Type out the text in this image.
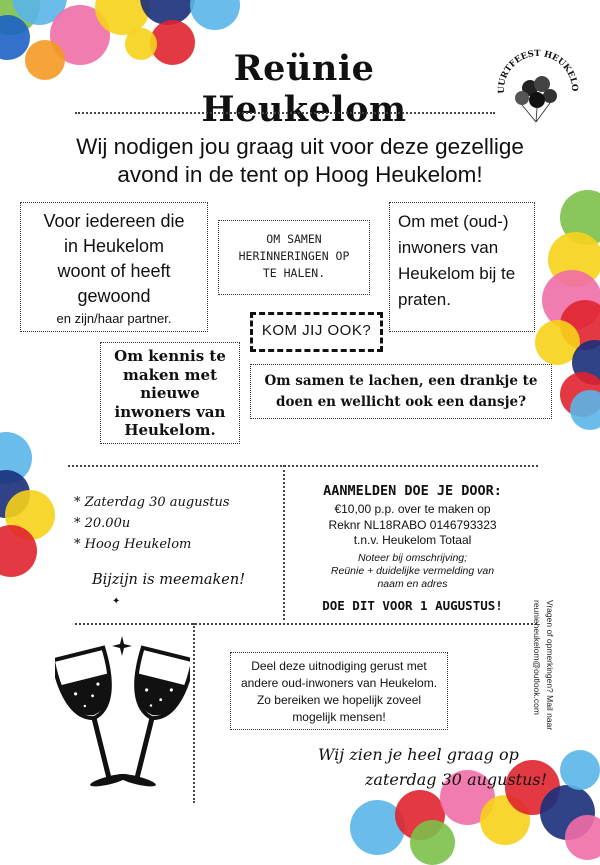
Reünie Heukelom	UURTFEEST HEUKELO
Wij nodigen jou graag uit voor deze gezellige
avond in de tent op Hoog Heukelom!
Voor iedereen die
in Heukelom
woont of heeft
gewoond
en zijn/haar partner.
OM SAMEN HERINNERINGEN OP TE HALEN.
Om met (oud-) inwoners van Heukelom bij te praten.
KOM JIJ OOK?
Om kennis te maken met nieuwe inwoners van Heukelom.
Om samen te lachen, een drankje te doen en wellicht ook een dansje?
* Zaterdag 30 augustus
* 20.00u
* Hoog Heukelom
Bijzijn is meemaken!
✦
AANMELDEN DOE JE DOOR:
€10,00 p.p. over te maken op
Reknr NL18RABO 0146793323
t.n.v. Heukelom Totaal
Noteer bij omschrijving;
Reünie + duidelijke vermelding van
naam en adres
DOE DIT VOOR 1 AUGUSTUS!
Deel deze uitnodiging gerust met
andere oud-inwoners van Heukelom.
Zo bereiken we hopelijk zoveel
mogelijk mensen!
Wij zien je heel graag op
zaterdag 30 augustus!
Vragen of opmerkingen? Mail naar
reunieheukelom@outlook.com
